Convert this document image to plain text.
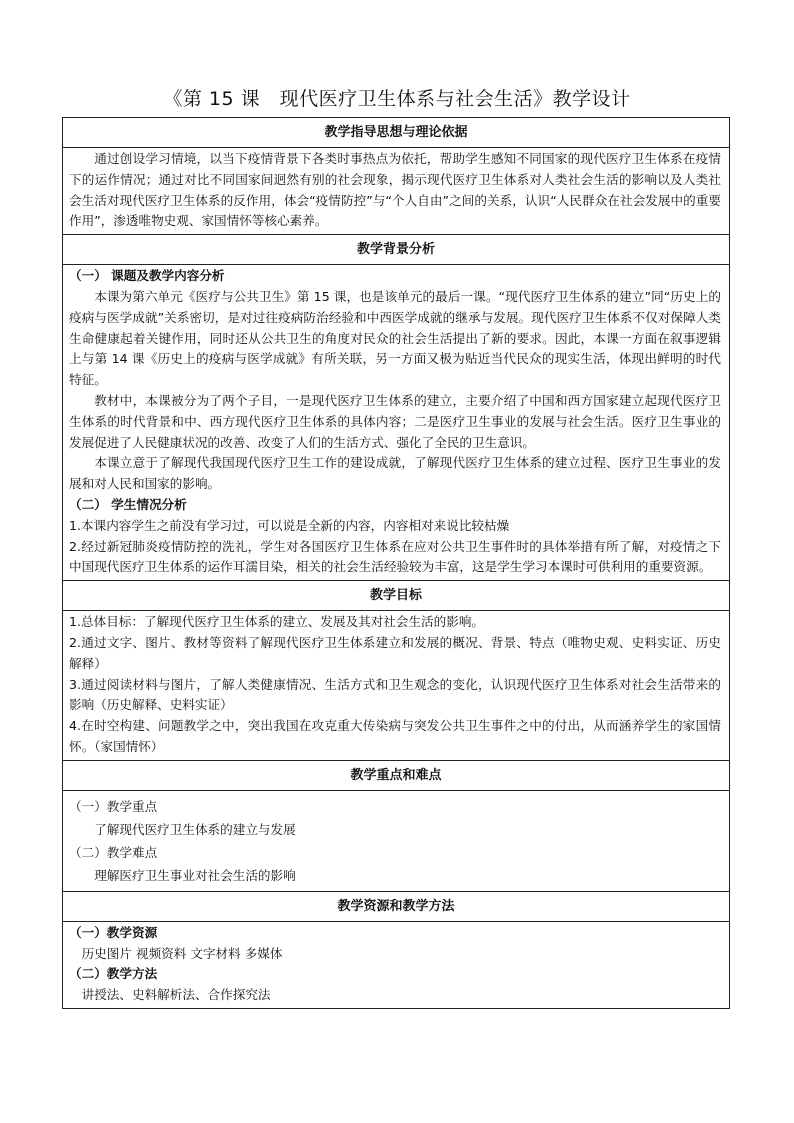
《第 15 课　现代医疗卫生体系与社会生活》教学设计
教学指导思想与理论依据

通过创设学习情境，以当下疫情背景下各类时事热点为依托，帮助学生感知不同国家的现代医疗卫生体系在疫情下的运作情况；通过对比不同国家间迥然有别的社会现象，揭示现代医疗卫生体系对人类社会生活的影响以及人类社会生活对现代医疗卫生体系的反作用，体会“疫情防控”与“个人自由”之间的关系，认识“人民群众在社会发展中的重要作用”，渗透唯物史观、家国情怀等核心素养。

教学背景分析

（一） 课题及教学内容分析

本课为第六单元《医疗与公共卫生》第 15 课，也是该单元的最后一课。“现代医疗卫生体系的建立”同“历史上的疫病与医学成就”关系密切，是对过往疫病防治经验和中西医学成就的继承与发展。现代医疗卫生体系不仅对保障人类生命健康起着关键作用，同时还从公共卫生的角度对民众的社会生活提出了新的要求。因此，本课一方面在叙事逻辑上与第 14 课《历史上的疫病与医学成就》有所关联，另一方面又极为贴近当代民众的现实生活，体现出鲜明的时代特征。

教材中，本课被分为了两个子目，一是现代医疗卫生体系的建立，主要介绍了中国和西方国家建立起现代医疗卫生体系的时代背景和中、西方现代医疗卫生体系的具体内容；二是医疗卫生事业的发展与社会生活。医疗卫生事业的发展促进了人民健康状况的改善、改变了人们的生活方式、强化了全民的卫生意识。

本课立意于了解现代我国现代医疗卫生工作的建设成就，了解现代医疗卫生体系的建立过程、医疗卫生事业的发展和对人民和国家的影响。

（二） 学生情况分析

1.本课内容学生之前没有学习过，可以说是全新的内容，内容相对来说比较枯燥

2.经过新冠肺炎疫情防控的洗礼，学生对各国医疗卫生体系在应对公共卫生事件时的具体举措有所了解，对疫情之下中国现代医疗卫生体系的运作耳濡目染，相关的社会生活经验较为丰富，这是学生学习本课时可供利用的重要资源。

教学目标

1.总体目标：了解现代医疗卫生体系的建立、发展及其对社会生活的影响。

2.通过文字、图片、教材等资料了解现代医疗卫生体系建立和发展的概况、背景、特点（唯物史观、史料实证、历史解释）

3.通过阅读材料与图片，了解人类健康情况、生活方式和卫生观念的变化，认识现代医疗卫生体系对社会生活带来的影响（历史解释、史料实证）

4.在时空构建、问题教学之中，突出我国在攻克重大传染病与突发公共卫生事件之中的付出，从而涵养学生的家国情怀。（家国情怀）

教学重点和难点

（一）教学重点

了解现代医疗卫生体系的建立与发展

（二）教学难点

理解医疗卫生事业对社会生活的影响

教学资源和教学方法

（一）教学资源

历史图片 视频资料 文字材料 多媒体

（二）教学方法

讲授法、史料解析法、合作探究法
